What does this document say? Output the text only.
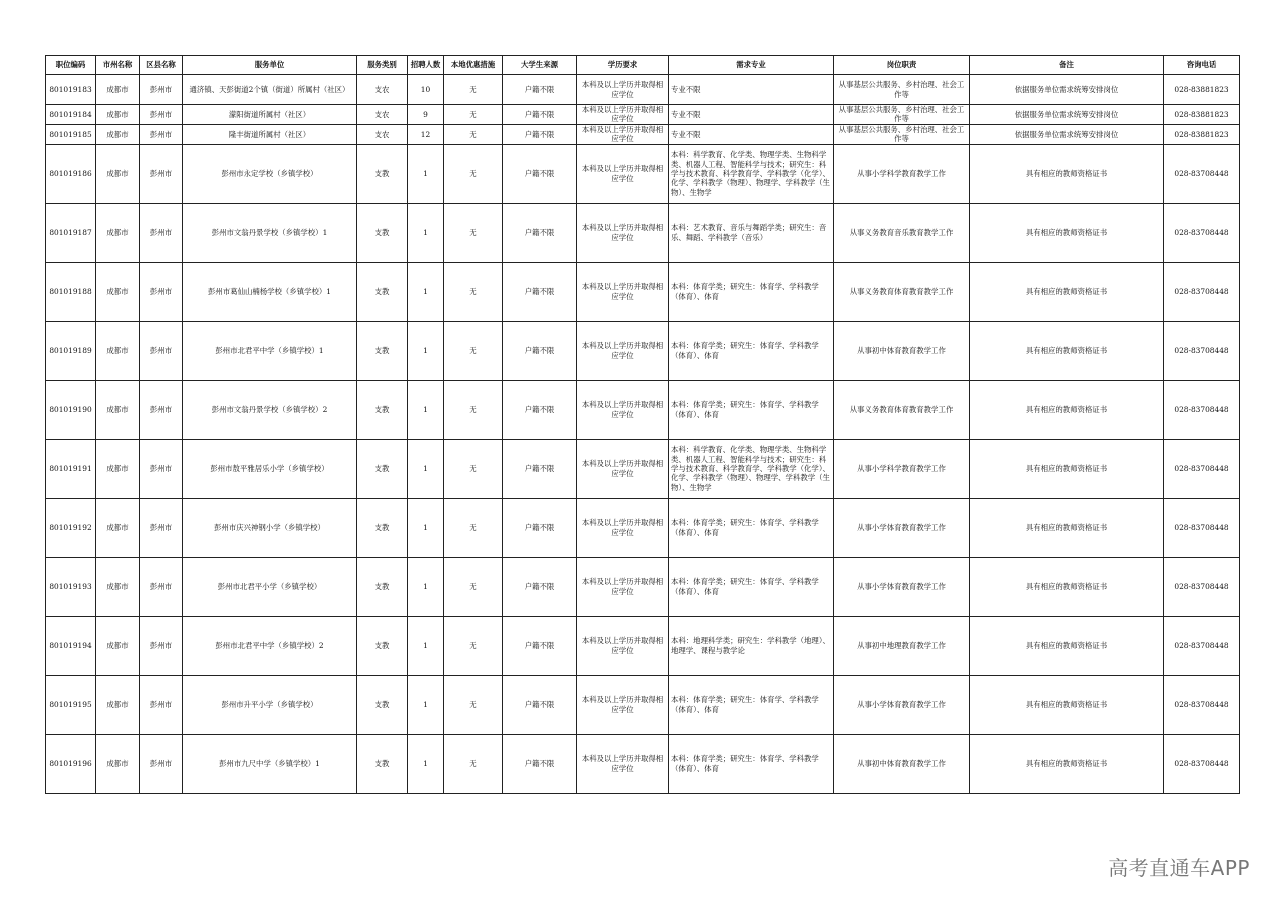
职位编码	市州名称	区县名称	服务单位	服务类别	招聘人数	本地优惠措施	大学生来源	学历要求	需求专业	岗位职责	备注	咨询电话
801019183	成都市	彭州市	通济镇、天彭街道2个镇（街道）所属村（社区）	支农	10	无	户籍不限	本科及以上学历并取得相应学位	专业不限	从事基层公共服务、乡村治理、社会工作等	依据服务单位需求统筹安排岗位	028-83881823
801019184	成都市	彭州市	濛阳街道所属村（社区）	支农	9	无	户籍不限	本科及以上学历并取得相应学位	专业不限	从事基层公共服务、乡村治理、社会工作等	依据服务单位需求统筹安排岗位	028-83881823
801019185	成都市	彭州市	隆丰街道所属村（社区）	支农	12	无	户籍不限	本科及以上学历并取得相应学位	专业不限	从事基层公共服务、乡村治理、社会工作等	依据服务单位需求统筹安排岗位	028-83881823
801019186	成都市	彭州市	彭州市永定学校（乡镇学校）	支教	1	无	户籍不限	本科及以上学历并取得相应学位	本科：科学教育、化学类、物理学类、生物科学类、机器人工程、智能科学与技术；研究生：科学与技术教育、科学教育学、学科教学（化学）、化学、学科教学（物理）、物理学、学科教学（生物）、生物学	从事小学科学教育教学工作	具有相应的教师资格证书	028-83708448
801019187	成都市	彭州市	彭州市文翁丹景学校（乡镇学校）1	支教	1	无	户籍不限	本科及以上学历并取得相应学位	本科：艺术教育、音乐与舞蹈学类；研究生：音乐、舞蹈、学科教学（音乐）	从事义务教育音乐教育教学工作	具有相应的教师资格证书	028-83708448
801019188	成都市	彭州市	彭州市葛仙山楠杨学校（乡镇学校）1	支教	1	无	户籍不限	本科及以上学历并取得相应学位	本科：体育学类；研究生：体育学、学科教学（体育）、体育	从事义务教育体育教育教学工作	具有相应的教师资格证书	028-83708448
801019189	成都市	彭州市	彭州市北君平中学（乡镇学校）1	支教	1	无	户籍不限	本科及以上学历并取得相应学位	本科：体育学类；研究生：体育学、学科教学（体育）、体育	从事初中体育教育教学工作	具有相应的教师资格证书	028-83708448
801019190	成都市	彭州市	彭州市文翁丹景学校（乡镇学校）2	支教	1	无	户籍不限	本科及以上学历并取得相应学位	本科：体育学类；研究生：体育学、学科教学（体育）、体育	从事义务教育体育教育教学工作	具有相应的教师资格证书	028-83708448
801019191	成都市	彭州市	彭州市敖平雅居乐小学（乡镇学校）	支教	1	无	户籍不限	本科及以上学历并取得相应学位	本科：科学教育、化学类、物理学类、生物科学类、机器人工程、智能科学与技术；研究生：科学与技术教育、科学教育学、学科教学（化学）、化学、学科教学（物理）、物理学、学科教学（生物）、生物学	从事小学科学教育教学工作	具有相应的教师资格证书	028-83708448
801019192	成都市	彭州市	彭州市庆兴神钢小学（乡镇学校）	支教	1	无	户籍不限	本科及以上学历并取得相应学位	本科：体育学类；研究生：体育学、学科教学（体育）、体育	从事小学体育教育教学工作	具有相应的教师资格证书	028-83708448
801019193	成都市	彭州市	彭州市北君平小学（乡镇学校）	支教	1	无	户籍不限	本科及以上学历并取得相应学位	本科：体育学类；研究生：体育学、学科教学（体育）、体育	从事小学体育教育教学工作	具有相应的教师资格证书	028-83708448
801019194	成都市	彭州市	彭州市北君平中学（乡镇学校）2	支教	1	无	户籍不限	本科及以上学历并取得相应学位	本科：地理科学类；研究生：学科教学（地理）、地理学、课程与教学论	从事初中地理教育教学工作	具有相应的教师资格证书	028-83708448
801019195	成都市	彭州市	彭州市升平小学（乡镇学校）	支教	1	无	户籍不限	本科及以上学历并取得相应学位	本科：体育学类；研究生：体育学、学科教学（体育）、体育	从事小学体育教育教学工作	具有相应的教师资格证书	028-83708448
801019196	成都市	彭州市	彭州市九尺中学（乡镇学校）1	支教	1	无	户籍不限	本科及以上学历并取得相应学位	本科：体育学类；研究生：体育学、学科教学（体育）、体育	从事初中体育教育教学工作	具有相应的教师资格证书	028-83708448
高考直通车APP
